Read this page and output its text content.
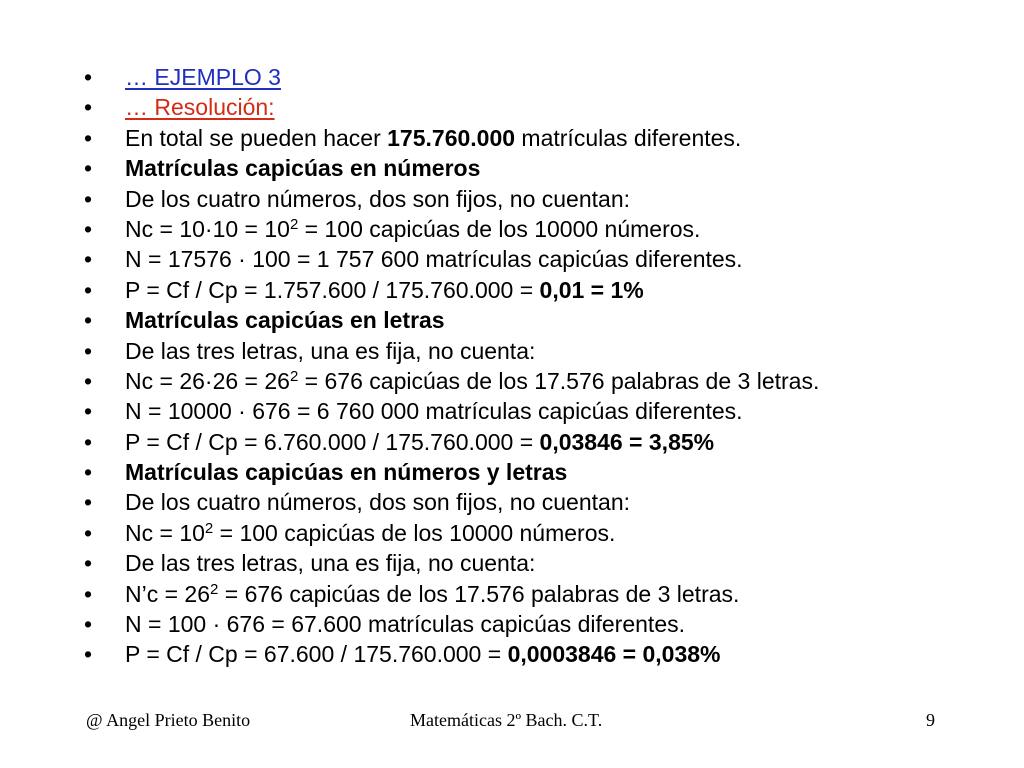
•	… EJEMPLO 3
•	… Resolución:
•	En total se pueden hacer 175.760.000 matrículas diferentes.
•	Matrículas capicúas en números
•	De los cuatro números, dos son fijos, no cuentan:
•	$Nc = 10\cdot 10 = 10^2 = 100$ capicúas de los 10000 números.
•	N = 17576 · 100 = 1 757 600 matrículas capicúas diferentes.
•	P = Cf / Cp = 1.757.600 / 175.760.000 = 0,01 = 1%
•	Matrículas capicúas en letras
•	De las tres letras, una es fija, no cuenta:
•	$Nc = 26\cdot 26 = 26^2 = 676$ capicúas de los 17.576 palabras de 3 letras.
•	N = 10000 · 676 = 6 760 000 matrículas capicúas diferentes.
•	P = Cf / Cp = 6.760.000 / 175.760.000 = 0,03846 = 3,85%
•	Matrículas capicúas en números y letras
•	De los cuatro números, dos son fijos, no cuentan:
•	$Nc = 10^2 = 100$ capicúas de los 10000 números.
•	De las tres letras, una es fija, no cuenta:
•	N’c = $26^2 = 676$ capicúas de los 17.576 palabras de 3 letras.
•	N = 100 · 676 = 67.600 matrículas capicúas diferentes.
•	P = Cf / Cp = 67.600 / 175.760.000 = 0,0003846 = 0,038%
@ Angel Prieto Benito	Matemáticas 2º Bach. C.T.	9
